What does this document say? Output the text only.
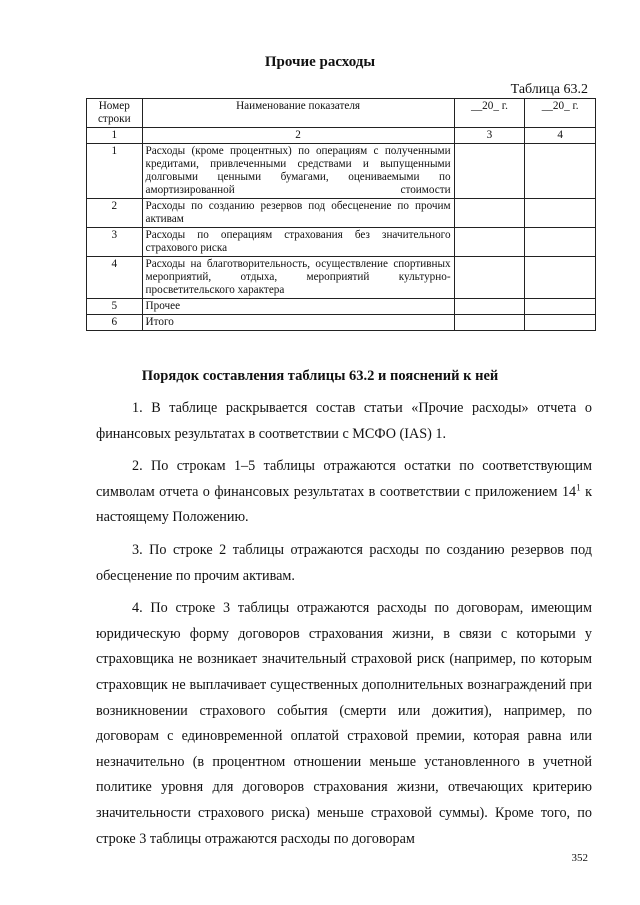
Прочие расходы
Таблица 63.2
Номер строки	Наименование показателя	__20_ г.	__20_ г.
1	2	3	4
1	Расходы (кроме процентных) по операциям с полученными кредитами, привлеченными средствами и выпущенными долговыми ценными бумагами, оцениваемыми по амортизированной стоимости		
2	Расходы по созданию резервов под обесценение по прочим активам		
3	Расходы по операциям страхования без значительного страхового риска		
4	Расходы на благотворительность, осуществление спортивных мероприятий, отдыха, мероприятий культурно-просветительского характера		
5	Прочее		
6	Итого		
Порядок составления таблицы 63.2 и пояснений к ней

1. В таблице раскрывается состав статьи «Прочие расходы» отчета о финансовых результатах в соответствии с МСФО (IAS) 1.

2. По строкам 1–5 таблицы отражаются остатки по соответствующим символам отчета о финансовых результатах в соответствии с приложением $14^1$ к настоящему Положению.

3. По строке 2 таблицы отражаются расходы по созданию резервов под обесценение по прочим активам.

4. По строке 3 таблицы отражаются расходы по договорам, имеющим юридическую форму договоров страхования жизни, в связи с которыми у страховщика не возникает значительный страховой риск (например, по которым страховщик не выплачивает существенных дополнительных вознаграждений при возникновении страхового события (смерти или дожития), например, по договорам с единовременной оплатой страховой премии, которая равна или незначительно (в процентном отношении меньше установленного в учетной политике уровня для договоров страхования жизни, отвечающих критерию значительности страхового риска) меньше страховой суммы). Кроме того, по строке 3 таблицы отражаются расходы по договорам

352
